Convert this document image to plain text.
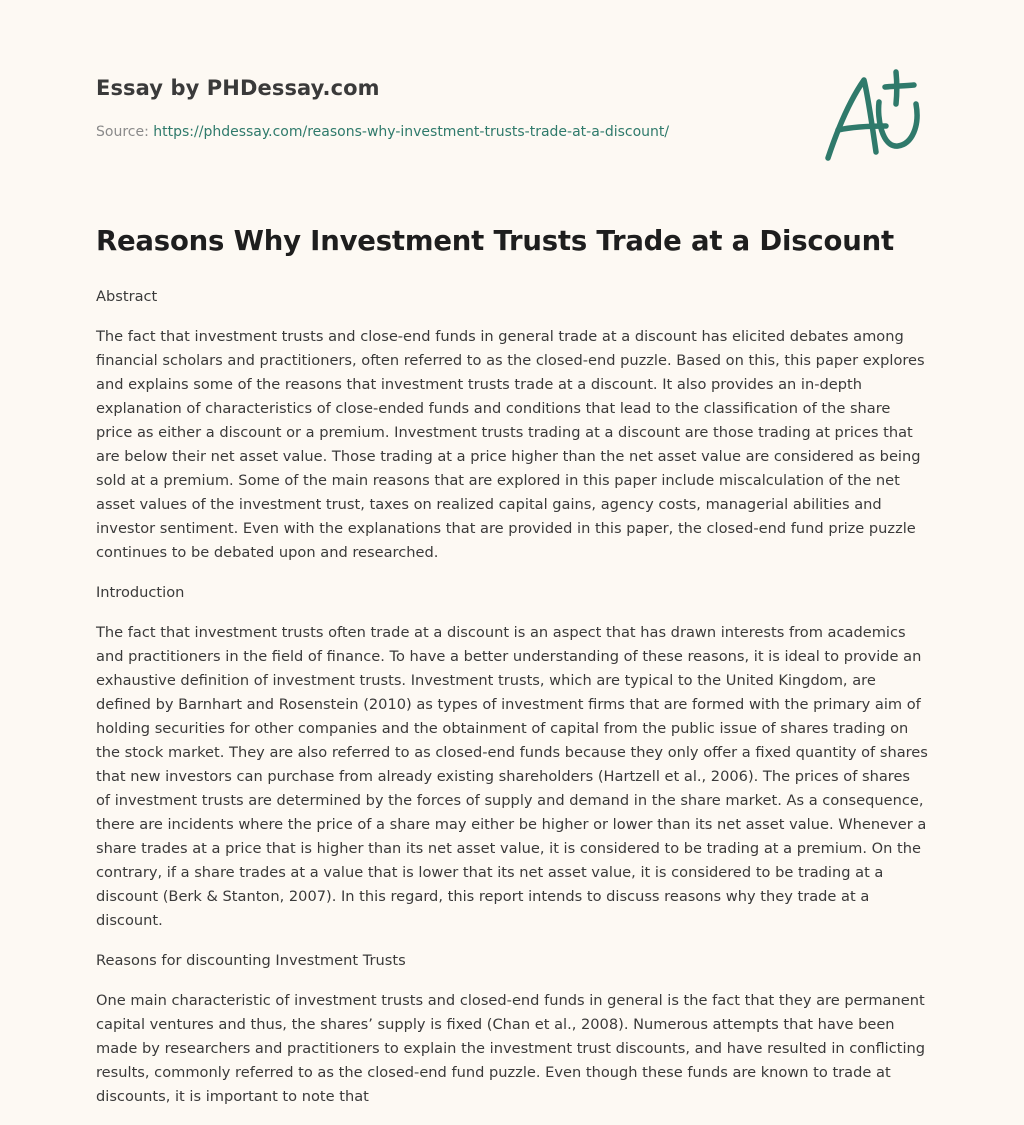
Essay by PHDessay.com
Source: https://phdessay.com/reasons-why-investment-trusts-trade-at-a-discount/
Reasons Why Investment Trusts Trade at a Discount

Abstract

The fact that investment trusts and close-end funds in general trade at a discount has elicited debates among financial scholars and practitioners, often referred to as the closed-end puzzle. Based on this, this paper explores and explains some of the reasons that investment trusts trade at a discount. It also provides an in-depth explanation of characteristics of close-ended funds and conditions that lead to the classification of the share price as either a discount or a premium. Investment trusts trading at a discount are those trading at prices that are below their net asset value. Those trading at a price higher than the net asset value are considered as being sold at a premium. Some of the main reasons that are explored in this paper include miscalculation of the net asset values of the investment trust, taxes on realized capital gains, agency costs, managerial abilities and investor sentiment. Even with the explanations that are provided in this paper, the closed-end fund prize puzzle continues to be debated upon and researched.

Introduction

The fact that investment trusts often trade at a discount is an aspect that has drawn interests from academics and practitioners in the field of finance. To have a better understanding of these reasons, it is ideal to provide an exhaustive definition of investment trusts. Investment trusts, which are typical to the United Kingdom, are defined by Barnhart and Rosenstein (2010) as types of investment firms that are formed with the primary aim of holding securities for other companies and the obtainment of capital from the public issue of shares trading on the stock market. They are also referred to as closed-end funds because they only offer a fixed quantity of shares that new investors can purchase from already existing shareholders (Hartzell et al., 2006). The prices of shares of investment trusts are determined by the forces of supply and demand in the share market. As a consequence, there are incidents where the price of a share may either be higher or lower than its net asset value. Whenever a share trades at a price that is higher than its net asset value, it is considered to be trading at a premium. On the contrary, if a share trades at a value that is lower that its net asset value, it is considered to be trading at a discount (Berk & Stanton, 2007). In this regard, this report intends to discuss reasons why they trade at a discount.

Reasons for discounting Investment Trusts

One main characteristic of investment trusts and closed-end funds in general is the fact that they are permanent capital ventures and thus, the shares’ supply is fixed (Chan et al., 2008). Numerous attempts that have been made by researchers and practitioners to explain the investment trust discounts, and have resulted in conflicting results, commonly referred to as the closed-end fund puzzle. Even though these funds are known to trade at discounts, it is important to note that
